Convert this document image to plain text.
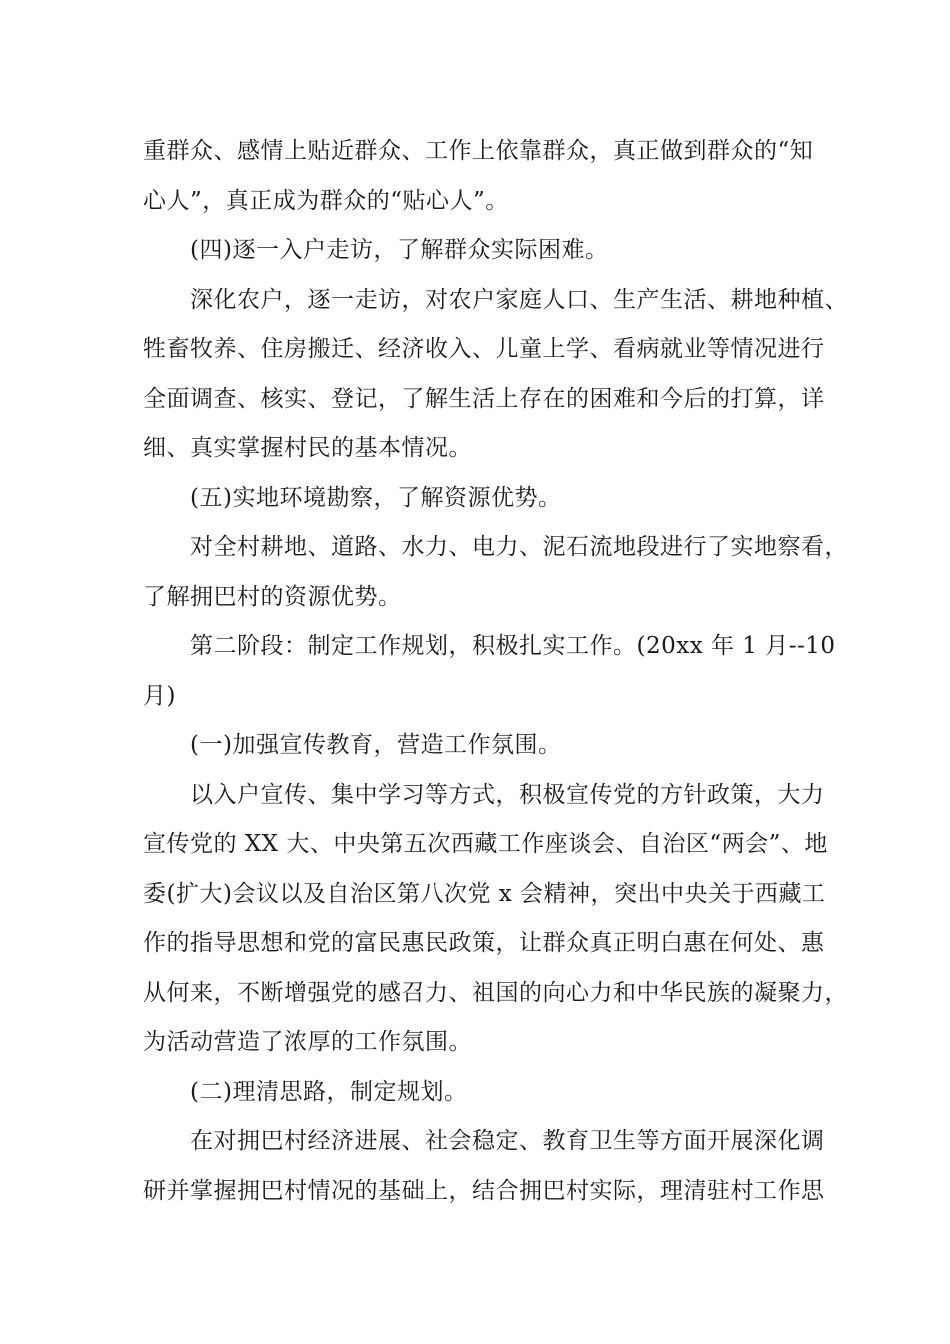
重群众、感情上贴近群众、工作上依靠群众，真正做到群众的“知
心人”，真正成为群众的“贴心人”。
(四)逐一入户走访，了解群众实际困难。
深化农户，逐一走访，对农户家庭人口、生产生活、耕地种植、
牲畜牧养、住房搬迁、经济收入、儿童上学、看病就业等情况进行
全面调查、核实、登记，了解生活上存在的困难和今后的打算，详
细、真实掌握村民的基本情况。
(五)实地环境勘察，了解资源优势。
对全村耕地、道路、水力、电力、泥石流地段进行了实地察看，
了解拥巴村的资源优势。
第二阶段：制定工作规划，积极扎实工作。(20xx 年 1 月--10
月)
(一)加强宣传教育，营造工作氛围。
以入户宣传、集中学习等方式，积极宣传党的方针政策，大力
宣传党的 XX 大、中央第五次西藏工作座谈会、自治区“两会”、地
委(扩大)会议以及自治区第八次党 x 会精神，突出中央关于西藏工
作的指导思想和党的富民惠民政策，让群众真正明白惠在何处、惠
从何来，不断增强党的感召力、祖国的向心力和中华民族的凝聚力，
为活动营造了浓厚的工作氛围。
(二)理清思路，制定规划。
在对拥巴村经济进展、社会稳定、教育卫生等方面开展深化调
研并掌握拥巴村情况的基础上，结合拥巴村实际，理清驻村工作思
